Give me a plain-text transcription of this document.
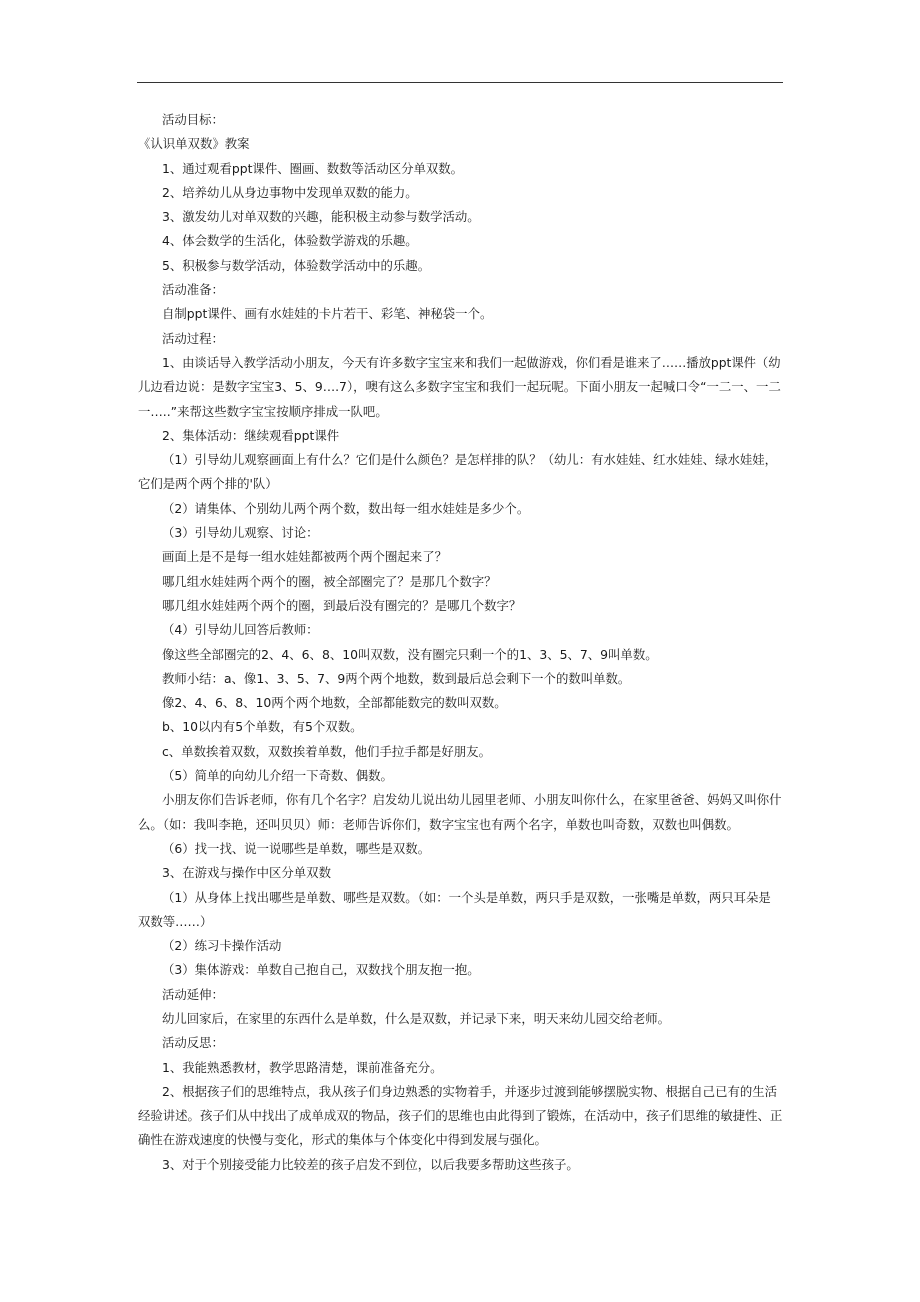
活动目标：
《认识单双数》教案
1、通过观看ppt课件、圈画、数数等活动区分单双数。
2、培养幼儿从身边事物中发现单双数的能力。
3、激发幼儿对单双数的兴趣，能积极主动参与数学活动。
4、体会数学的生活化，体验数学游戏的乐趣。
5、积极参与数学活动，体验数学活动中的乐趣。
活动准备：
自制ppt课件、画有水娃娃的卡片若干、彩笔、神秘袋一个。
活动过程：
1、由谈话导入教学活动小朋友，今天有许多数字宝宝来和我们一起做游戏，你们看是谁来了……播放ppt课件（幼
儿边看边说：是数字宝宝3、5、9….7），噢有这么多数字宝宝和我们一起玩呢。下面小朋友一起喊口令“一二一、一二
一…..”来帮这些数字宝宝按顺序排成一队吧。
2、集体活动：继续观看ppt课件
（1）引导幼儿观察画面上有什么？它们是什么颜色？是怎样排的队？（幼儿：有水娃娃、红水娃娃、绿水娃娃，
它们是两个两个排的'队）
（2）请集体、个别幼儿两个两个数，数出每一组水娃娃是多少个。
（3）引导幼儿观察、讨论：
画面上是不是每一组水娃娃都被两个两个圈起来了？
哪几组水娃娃两个两个的圈，被全部圈完了？是那几个数字？
哪几组水娃娃两个两个的圈，到最后没有圈完的？是哪几个数字？
（4）引导幼儿回答后教师：
像这些全部圈完的2、4、6、8、10叫双数，没有圈完只剩一个的1、3、5、7、9叫单数。
教师小结：a、像1、3、5、7、9两个两个地数，数到最后总会剩下一个的数叫单数。
像2、4、6、8、10两个两个地数，全部都能数完的数叫双数。
b、10以内有5个单数，有5个双数。
c、单数挨着双数，双数挨着单数，他们手拉手都是好朋友。
（5）简单的向幼儿介绍一下奇数、偶数。
小朋友你们告诉老师，你有几个名字？启发幼儿说出幼儿园里老师、小朋友叫你什么，在家里爸爸、妈妈又叫你什
么。（如：我叫李艳，还叫贝贝）师：老师告诉你们，数字宝宝也有两个名字，单数也叫奇数，双数也叫偶数。
（6）找一找、说一说哪些是单数，哪些是双数。
3、在游戏与操作中区分单双数
（1）从身体上找出哪些是单数、哪些是双数。（如：一个头是单数，两只手是双数，一张嘴是单数，两只耳朵是
双数等……）
（2）练习卡操作活动
（3）集体游戏：单数自己抱自己，双数找个朋友抱一抱。
活动延伸：
幼儿回家后，在家里的东西什么是单数，什么是双数，并记录下来，明天来幼儿园交给老师。
活动反思：
1、我能熟悉教材，教学思路清楚，课前准备充分。
2、根据孩子们的思维特点，我从孩子们身边熟悉的实物着手，并逐步过渡到能够摆脱实物、根据自己已有的生活
经验讲述。孩子们从中找出了成单成双的物品，孩子们的思维也由此得到了锻炼，在活动中，孩子们思维的敏捷性、正
确性在游戏速度的快慢与变化，形式的集体与个体变化中得到发展与强化。
3、对于个别接受能力比较差的孩子启发不到位，以后我要多帮助这些孩子。
